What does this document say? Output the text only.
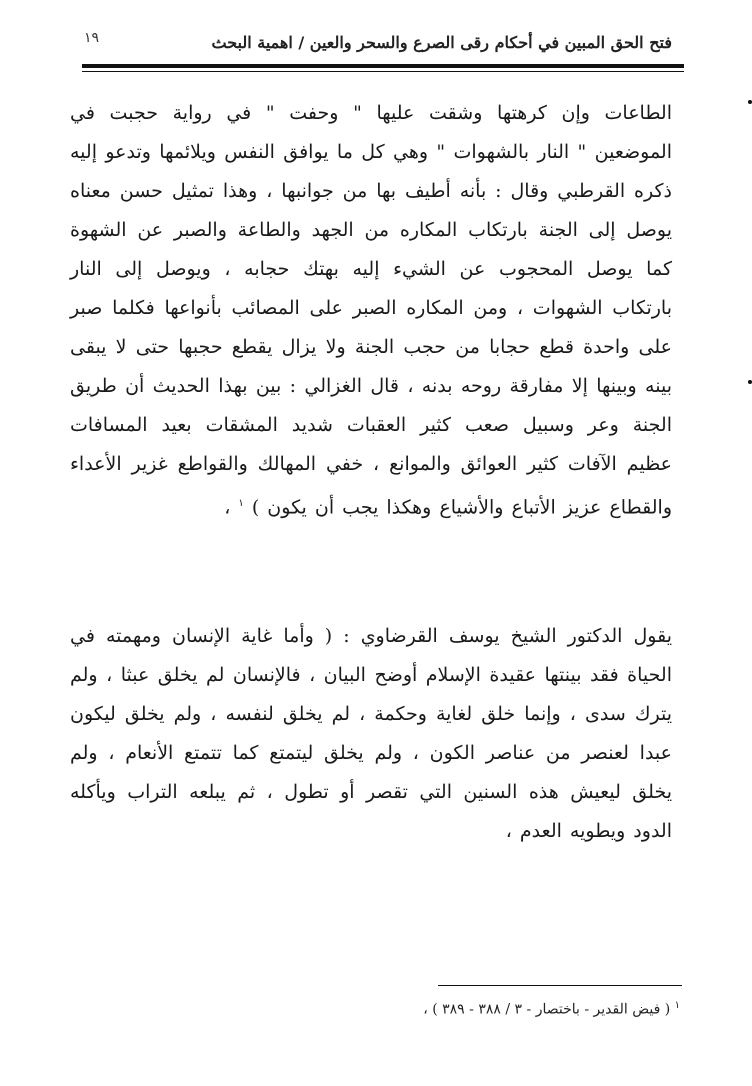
١٩	فتح الحق المبين في أحكام رقى الصرع والسحر والعين / اهمية البحث
الطاعات وإن كرهتها وشقت عليها " وحفت " في رواية حجبت في الموضعين " النار بالشهوات " وهي كل ما يوافق النفس ويلائمها وتدعو إليه ذكره القرطبي وقال : بأنه أطيف بها من جوانبها ، وهذا تمثيل حسن معناه يوصل إلى الجنة بارتكاب المكاره من الجهد والطاعة والصبر عن الشهوة كما يوصل المحجوب عن الشيء إليه بهتك حجابه ، ويوصل إلى النار بارتكاب الشهوات ، ومن المكاره الصبر على المصائب بأنواعها فكلما صبر على واحدة قطع حجابا من حجب الجنة ولا يزال يقطع حجبها حتى لا يبقى بينه وبينها إلا مفارقة روحه بدنه ، قال الغزالي : بين بهذا الحديث أن طريق الجنة وعر وسبيل صعب كثير العقبات شديد المشقات بعيد المسافات عظيم الآفات كثير العوائق والموانع ، خفي المهالك والقواطع غزير الأعداء والقطاع عزيز الأتباع والأشياع وهكذا يجب أن يكون ) $^١$ ،
يقول الدكتور الشيخ يوسف القرضاوي : ( وأما غاية الإنسان ومهمته في الحياة فقد بينتها عقيدة الإسلام أوضح البيان ، فالإنسان لم يخلق عبثا ، ولم يترك سدى ، وإنما خلق لغاية وحكمة ، لم يخلق لنفسه ، ولم يخلق ليكون عبدا لعنصر من عناصر الكون ، ولم يخلق ليتمتع كما تتمتع الأنعام ، ولم يخلق ليعيش هذه السنين التي تقصر أو تطول ، ثم يبلعه التراب ويأكله الدود ويطويه العدم ،
$^١$ ( فيض القدير - باختصار - ٣ / ٣٨٨ - ٣٨٩ ) ،
